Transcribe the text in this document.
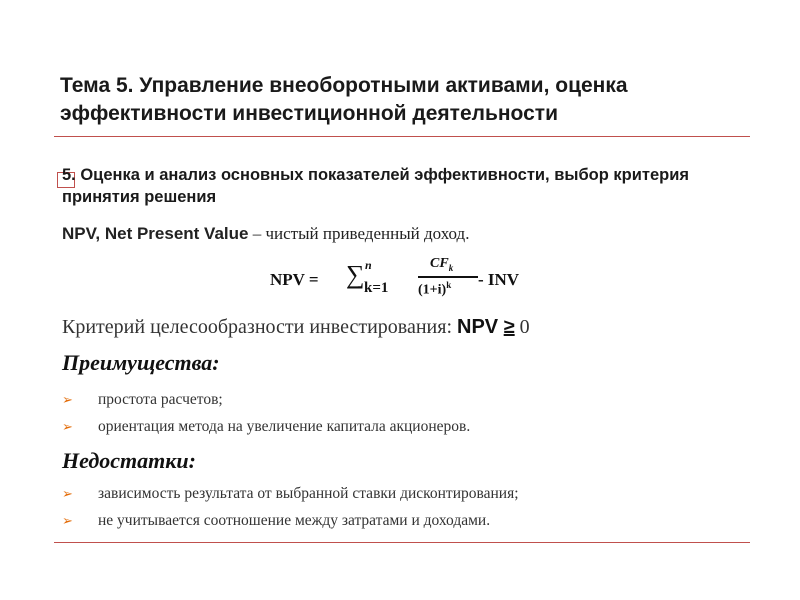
Тема 5. Управление внеоборотными активами, оценка эффективности инвестиционной деятельности
5. Оценка и анализ основных показателей эффективности, выбор критерия принятия решения
NPV, Net Present Value – чистый приведенный доход.
NPV = ∑ n
k=1
$CF_k$
$(1+i)^k$ - INV
Критерий целесообразности инвестирования: NPV ≥ 0
Преимущества:
➢	простота расчетов;
➢	ориентация метода на увеличение капитала акционеров.
Недостатки:
➢	зависимость результата от выбранной ставки дисконтирования;
➢	не учитывается соотношение между затратами и доходами.
